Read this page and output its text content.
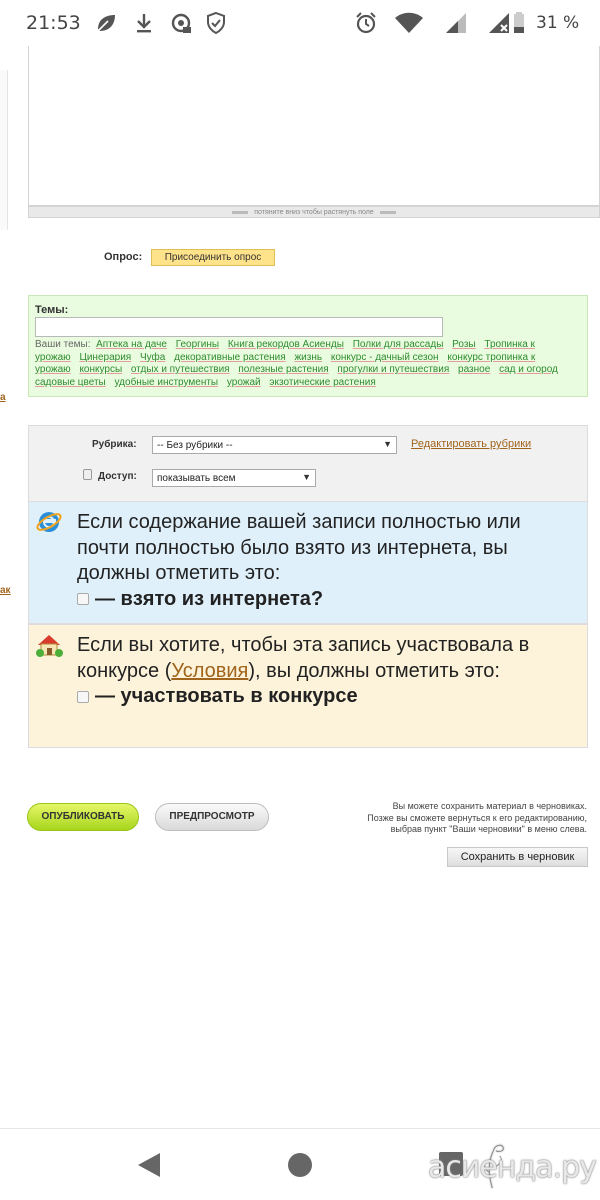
21:53	31 %
а
ак
потяните вниз чтобы растянуть поле
Опрос:	Присоединить опрос
Темы:
Ваши темы: Аптека на даче Георгины Книга рекордов Асиенды Полки для рассады Розы Тропинка к урожаю Цинерария Чуфа декоративные растения жизнь конкурс - дачный сезон конкурс тропинка к урожаю конкурсы отдых и путешествия полезные растения прогулки и путешествия разное сад и огород садовые цветы удобные инструменты урожай экзотические растения
Рубрика:	-- Без рубрики --	▼ Редактировать рубрики
Доступ:	показывать всем	▼
Если содержание вашей записи полностью или почти полностью было взято из интернета, вы должны отметить это:
— взято из интернета?
Если вы хотите, чтобы эта запись участвовала в конкурсе (Условия), вы должны отметить это:
— участвовать в конкурсе
ОПУБЛИКОВАТЬ	ПРЕДПРОСМОТР
Вы можете сохранить материал в черновиках.
Позже вы сможете вернуться к его редактированию,
выбрав пункт "Ваши черновики" в меню слева.
Сохранить в черновик
асиенда.ру
